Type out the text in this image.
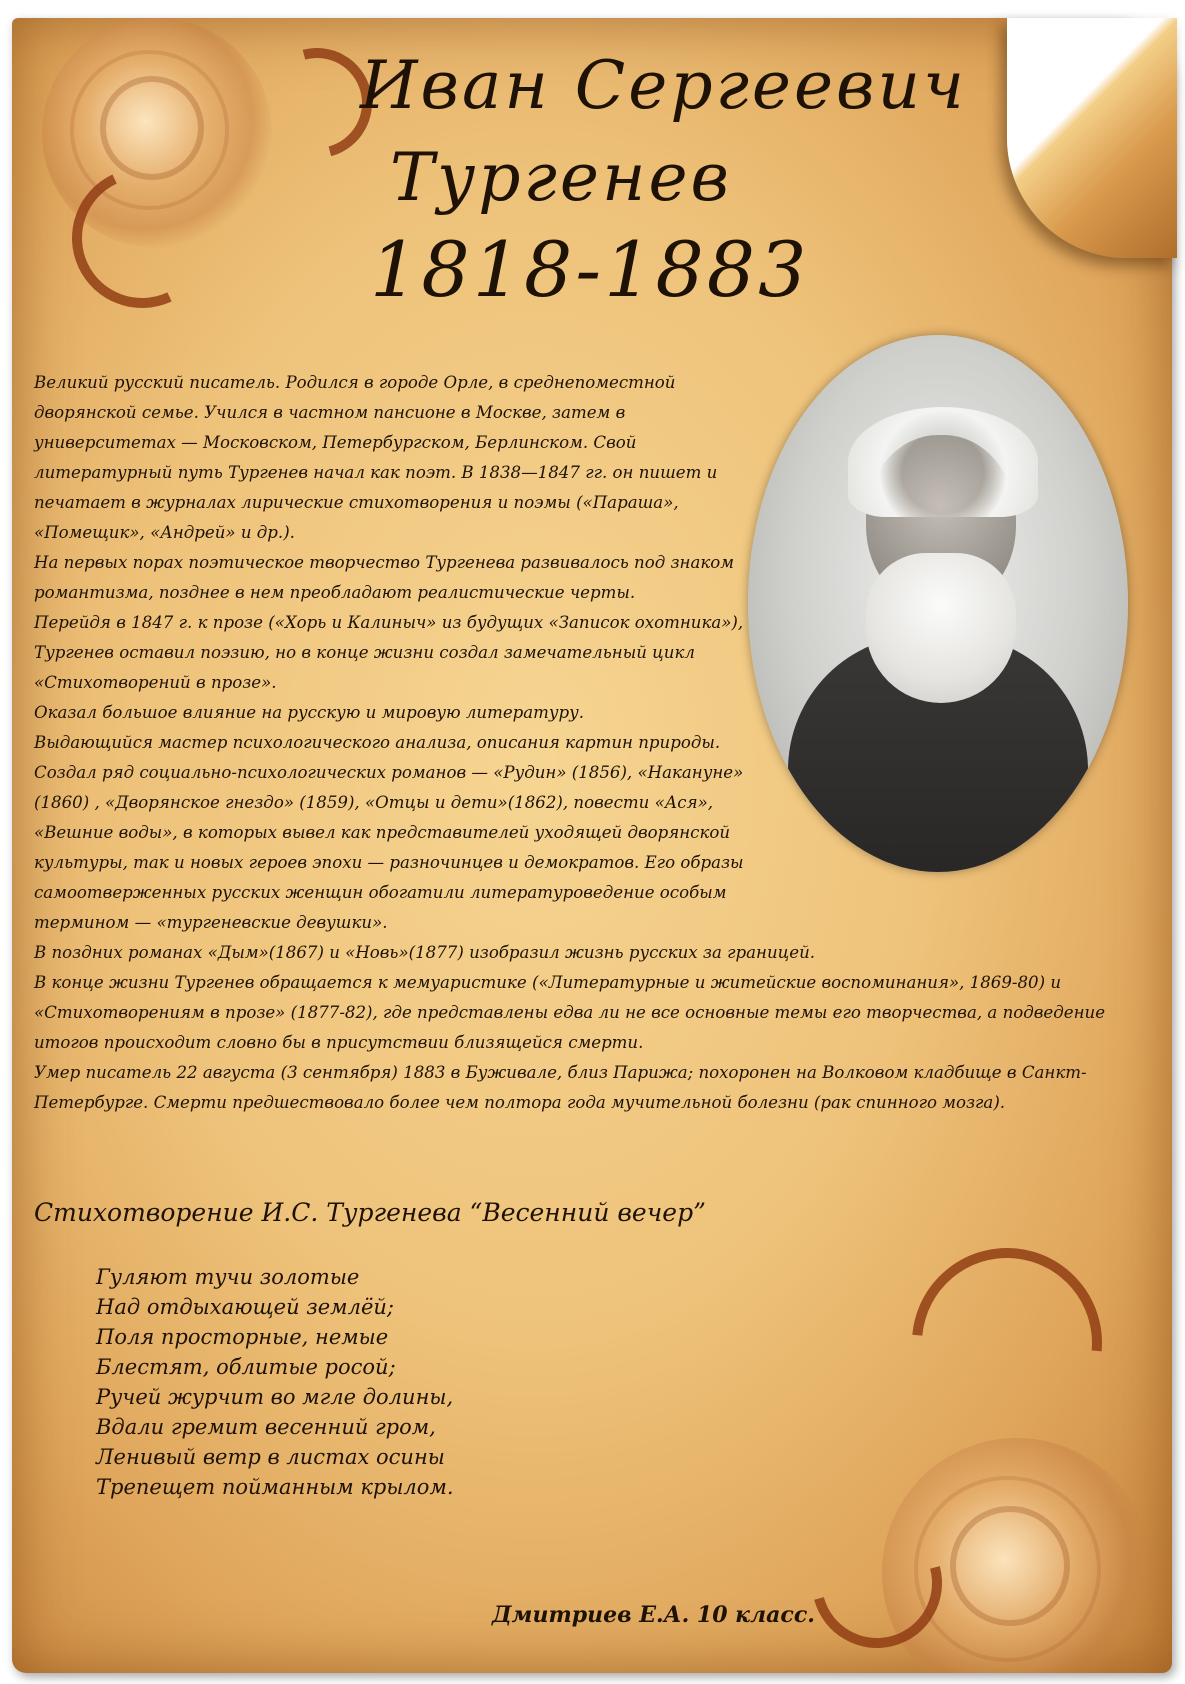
Иван Сергеевич
Тургенев
1818-1883

Великий русский писатель. Родился в городе Орле, в среднепоместной дворянской семье. Учился в частном пансионе в Москве, затем в университетах — Московском, Петербургском, Берлинском. Свой литературный путь Тургенев начал как поэт. В 1838—1847 гг. он пишет и печатает в журналах лирические стихотворения и поэмы («Параша», «Помещик», «Андрей» и др.).

На первых порах поэтическое творчество Тургенева развивалось под знаком романтизма, позднее в нем преобладают реалистические черты.

Перейдя в 1847 г. к прозе («Хорь и Калиныч» из будущих «Записок охотника»), Тургенев оставил поэзию, но в конце жизни создал замечательный цикл «Стихотворений в прозе».

Оказал большое влияние на русскую и мировую литературу.

Выдающийся мастер психологического анализа, описания картин природы. Создал ряд социально-психологических романов — «Рудин» (1856), «Накануне» (1860) , «Дворянское гнездо» (1859), «Отцы и дети»(1862), повести «Ася», «Вешние воды», в которых вывел как представителей уходящей дворянской культуры, так и новых героев эпохи — разночинцев и демократов. Его образы самоотверженных русских женщин обогатили литературоведение особым термином — «тургеневские девушки».

В поздних романах «Дым»(1867) и «Новь»(1877) изобразил жизнь русских за границей.

В конце жизни Тургенев обращается к мемуаристике («Литературные и житейские воспоминания», 1869-80) и «Стихотворениям в прозе» (1877-82), где представлены едва ли не все основные темы его творчества, а подведение итогов происходит словно бы в присутствии близящейся смерти.

Умер писатель 22 августа (3 сентября) 1883 в Буживале, близ Парижа; похоронен на Волковом кладбище в Санкт-Петербурге. Смерти предшествовало более чем полтора года мучительной болезни (рак спинного мозга).

Стихотворение И.С. Тургенева “Весенний вечер”
Гуляют тучи золотые
Над отдыхающей землёй;
Поля просторные, немые
Блестят, облитые росой;
Ручей журчит во мгле долины,
Вдали гремит весенний гром,
Ленивый ветр в листах осины
Трепещет пойманным крылом.
Дмитриев Е.А. 10 класс.
